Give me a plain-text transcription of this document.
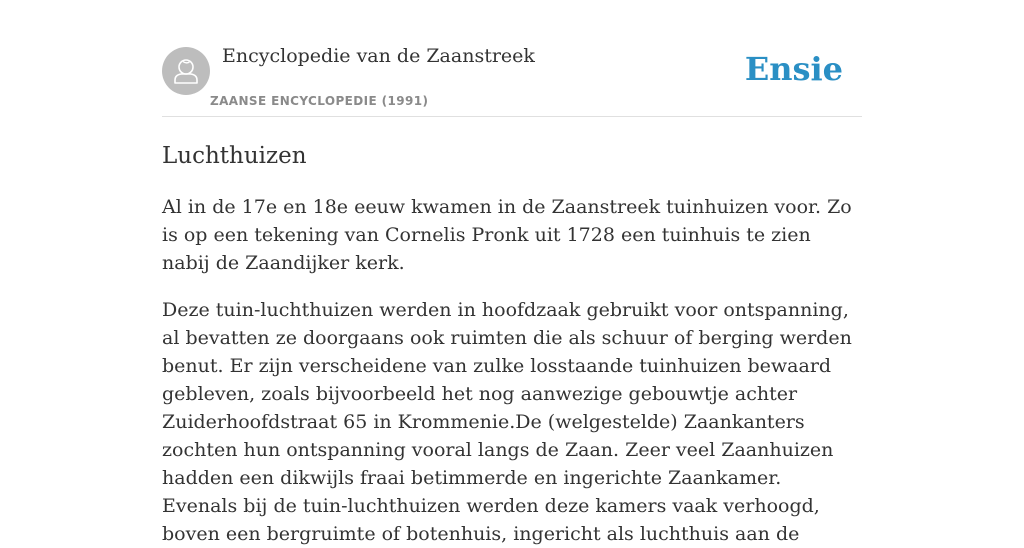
Encyclopedie van de Zaanstreek
ZAANSE ENCYCLOPEDIE (1991)
Ensie
Luchthuizen

Al in de 17e en 18e eeuw kwamen in de Zaanstreek tuinhuizen voor. Zo is op een tekening van Cornelis Pronk uit 1728 een tuinhuis te zien nabij de Zaandijker kerk.

Deze tuin-luchthuizen werden in hoofdzaak gebruikt voor ontspanning, al bevatten ze doorgaans ook ruimten die als schuur of berging werden benut. Er zijn verscheidene van zulke losstaande tuinhuizen bewaard gebleven, zoals bijvoorbeeld het nog aanwezige gebouwtje achter Zuiderhoofdstraat 65 in Krommenie.De (welgestelde) Zaankanters zochten hun ontspanning vooral langs de Zaan. Zeer veel Zaanhuizen hadden een dikwijls fraai betimmerde en ingerichte Zaankamer. Evenals bij de tuin-luchthuizen werden deze kamers vaak verhoogd, boven een bergruimte of botenhuis, ingericht als luchthuis aan de
